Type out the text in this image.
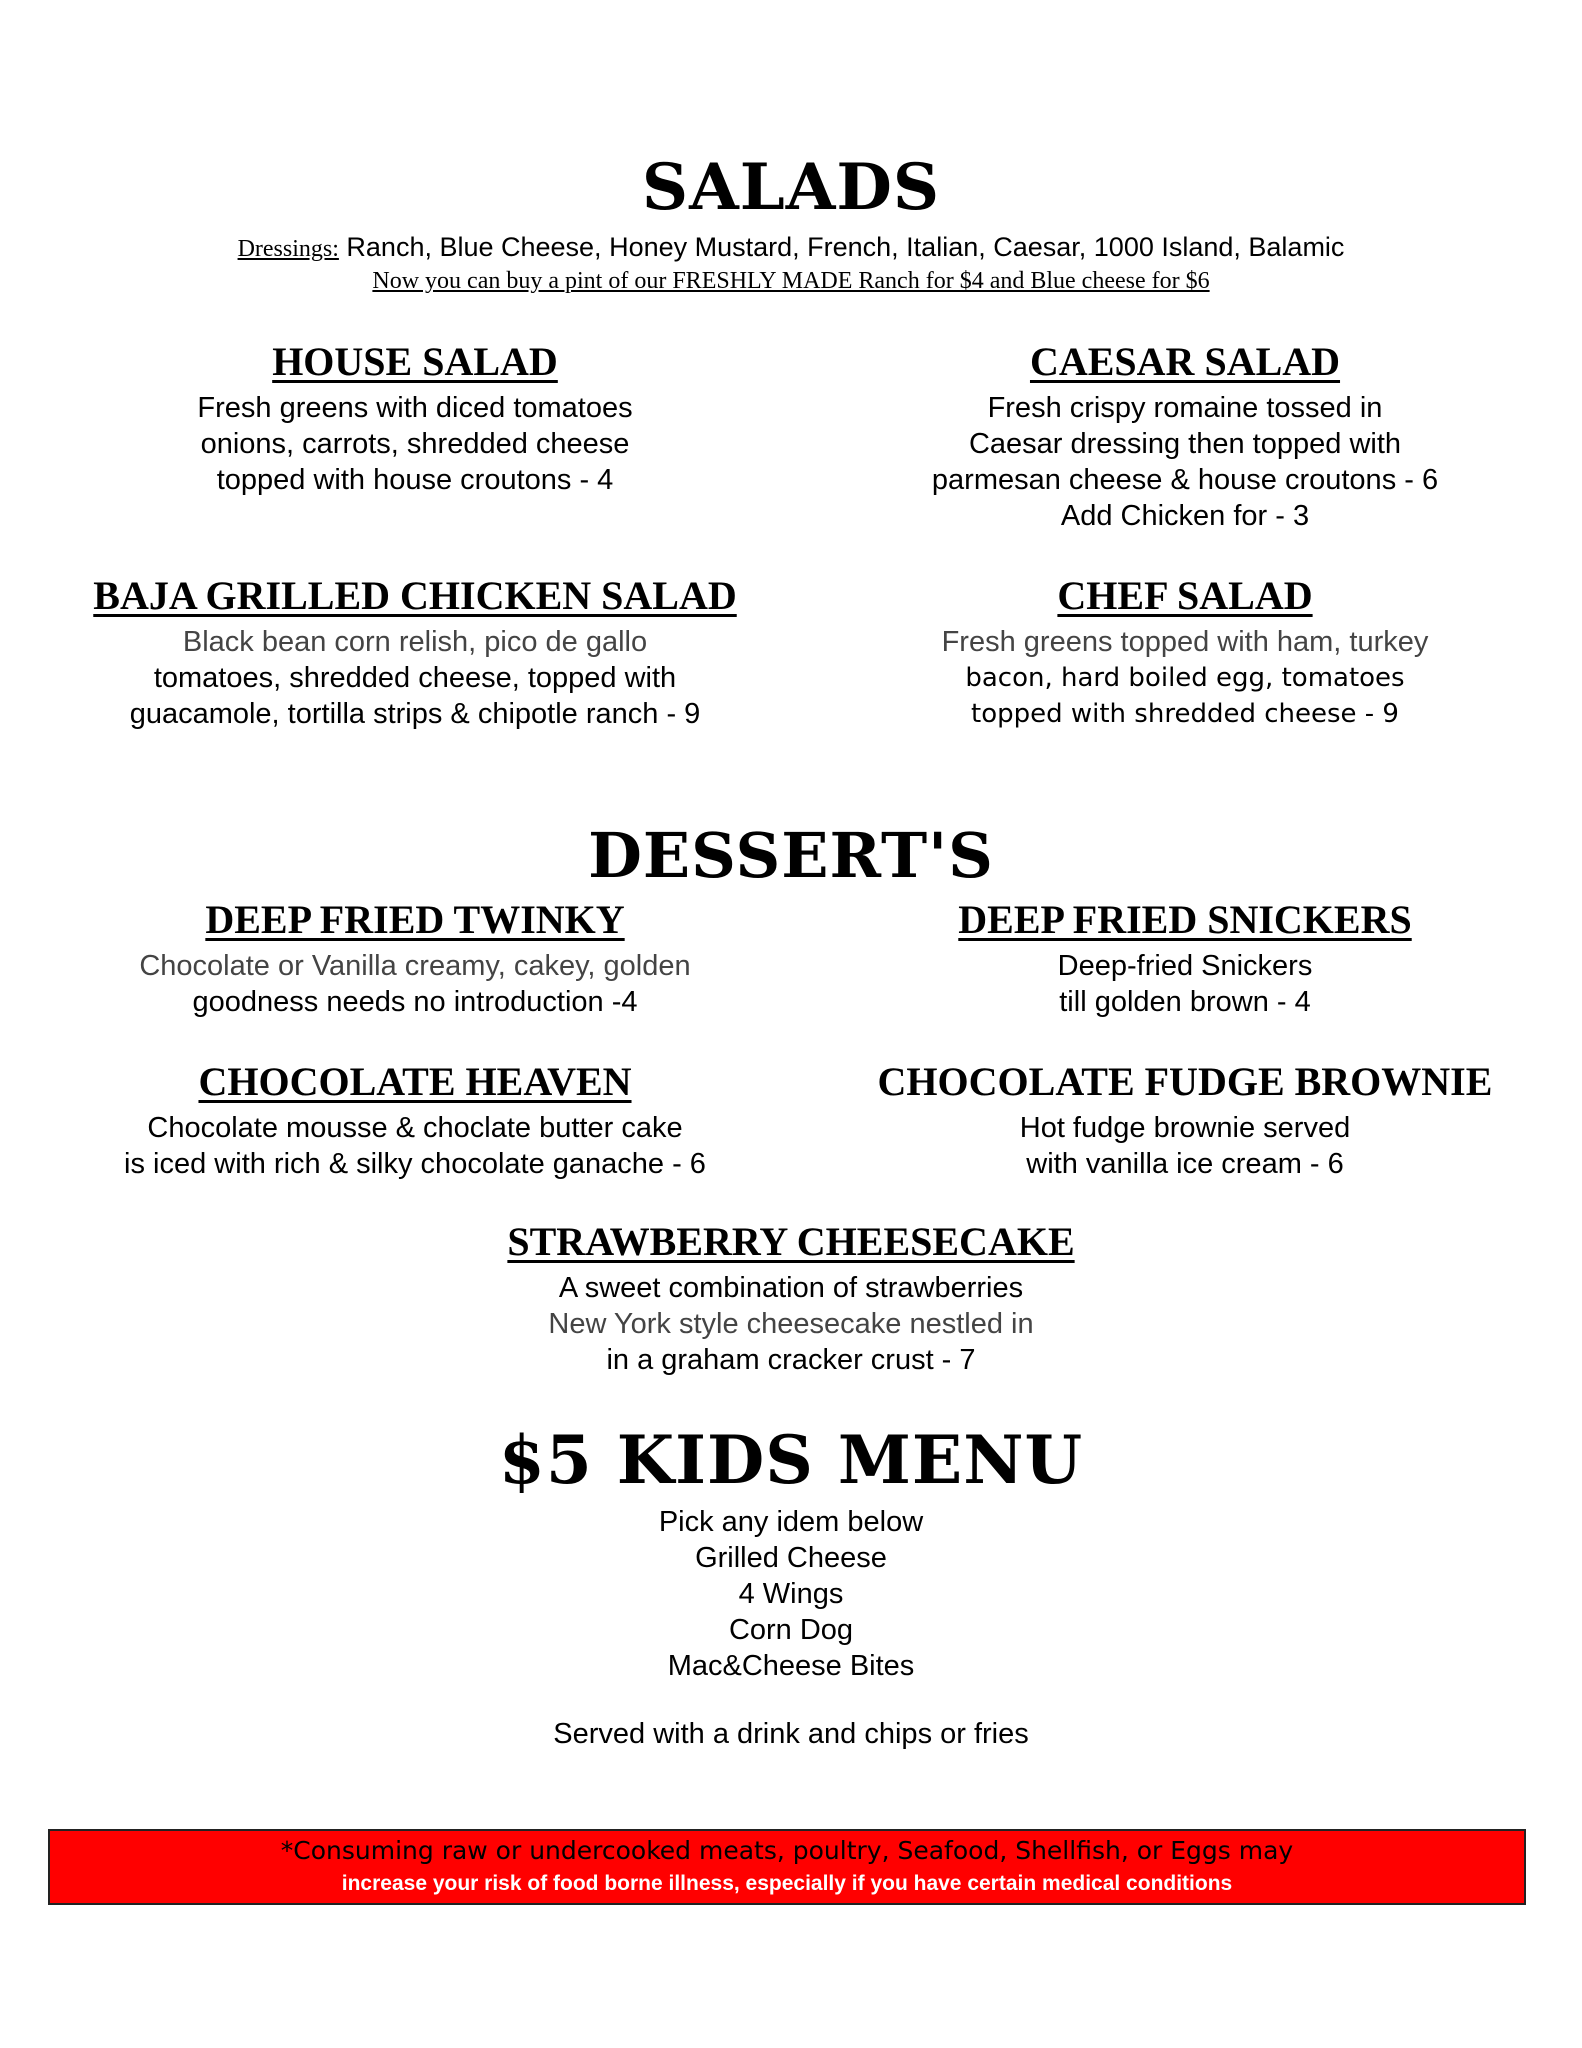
SALADS
Dressings: Ranch, Blue Cheese, Honey Mustard, French, Italian, Caesar, 1000 Island, Balamic
Now you can buy a pint of our FRESHLY MADE Ranch for $4 and Blue cheese for $6
HOUSE SALAD
Fresh greens with diced tomatoes
onions, carrots, shredded cheese
topped with house croutons - 4
CAESAR SALAD
Fresh crispy romaine tossed in
Caesar dressing then topped with
parmesan cheese & house croutons - 6
Add Chicken for - 3
BAJA GRILLED CHICKEN SALAD
Black bean corn relish, pico de gallo
tomatoes, shredded cheese, topped with
guacamole, tortilla strips & chipotle ranch - 9
CHEF SALAD
Fresh greens topped with ham, turkey
bacon, hard boiled egg, tomatoes
topped with shredded cheese - 9
DESSERT'S
DEEP FRIED TWINKY
Chocolate or Vanilla creamy, cakey, golden
goodness needs no introduction -4
DEEP FRIED SNICKERS
Deep-fried Snickers
till golden brown - 4
CHOCOLATE HEAVEN
Chocolate mousse & choclate butter cake
is iced with rich & silky chocolate ganache - 6
CHOCOLATE FUDGE BROWNIE
Hot fudge brownie served
with vanilla ice cream - 6
STRAWBERRY CHEESECAKE
A sweet combination of strawberries
New York style cheesecake nestled in
in a graham cracker crust - 7
$5 KIDS MENU
Pick any idem below
Grilled Cheese
4 Wings
Corn Dog
Mac&Cheese Bites
Served with a drink and chips or fries
*Consuming raw or undercooked meats, poultry, Seafood, Shellfish, or Eggs may
increase your risk of food borne illness, especially if you have certain medical conditions
